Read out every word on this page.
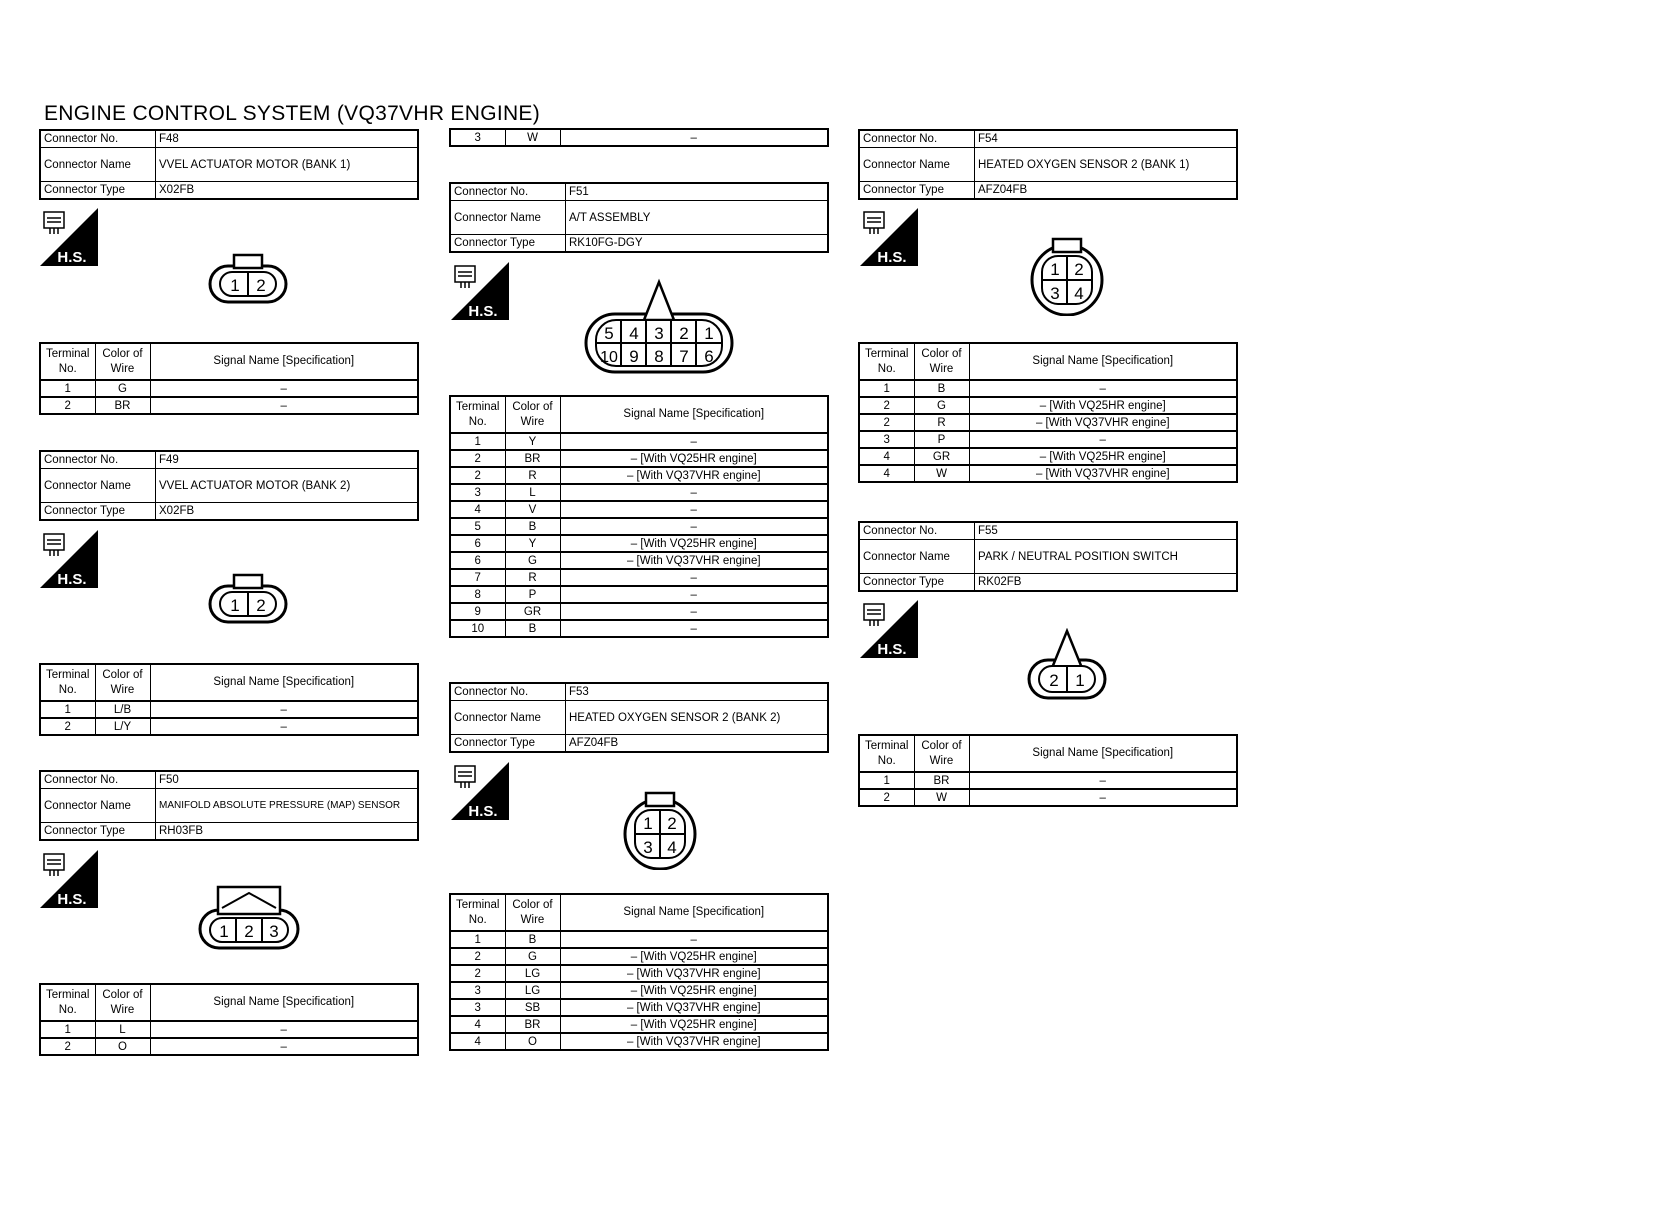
ENGINE CONTROL SYSTEM (VQ37VHR ENGINE)
Connector No.	F48
Connector Name	VVEL ACTUATOR MOTOR (BANK 1)
Connector Type	X02FB
H.S.
1 2
Terminal No.	Color of Wire	Signal Name [Specification]
1	G	–
2	BR	–
Connector No.	F49
Connector Name	VVEL ACTUATOR MOTOR (BANK 2)
Connector Type	X02FB
H.S.
1 2
Terminal No.	Color of Wire	Signal Name [Specification]
1	L/B	–
2	L/Y	–
Connector No.	F50
Connector Name	MANIFOLD ABSOLUTE PRESSURE (MAP) SENSOR
Connector Type	RH03FB
H.S.
1 2 3
Terminal No.	Color of Wire	Signal Name [Specification]
1	L	–
2	O	–
3	W	–
Connector No.	F51
Connector Name	A/T ASSEMBLY
Connector Type	RK10FG-DGY
H.S.
5 4 3 2 1
10 9 8 7 6
Terminal No.	Color of Wire	Signal Name [Specification]
1	Y	–
2	BR	– [With VQ25HR engine]
2	R	– [With VQ37VHR engine]
3	L	–
4	V	–
5	B	–
6	Y	– [With VQ25HR engine]
6	G	– [With VQ37VHR engine]
7	R	–
8	P	–
9	GR	–
10	B	–
Connector No.	F53
Connector Name	HEATED OXYGEN SENSOR 2 (BANK 2)
Connector Type	AFZ04FB
H.S.
1 2
3 4
Terminal No.	Color of Wire	Signal Name [Specification]
1	B	–
2	G	– [With VQ25HR engine]
2	LG	– [With VQ37VHR engine]
3	LG	– [With VQ25HR engine]
3	SB	– [With VQ37VHR engine]
4	BR	– [With VQ25HR engine]
4	O	– [With VQ37VHR engine]
Connector No.	F54
Connector Name	HEATED OXYGEN SENSOR 2 (BANK 1)
Connector Type	AFZ04FB
H.S.
1 2
3 4
Terminal No.	Color of Wire	Signal Name [Specification]
1	B	–
2	G	– [With VQ25HR engine]
2	R	– [With VQ37VHR engine]
3	P	–
4	GR	– [With VQ25HR engine]
4	W	– [With VQ37VHR engine]
Connector No.	F55
Connector Name	PARK / NEUTRAL POSITION SWITCH
Connector Type	RK02FB
H.S.
2 1
Terminal No.	Color of Wire	Signal Name [Specification]
1	BR	–
2	W	–
